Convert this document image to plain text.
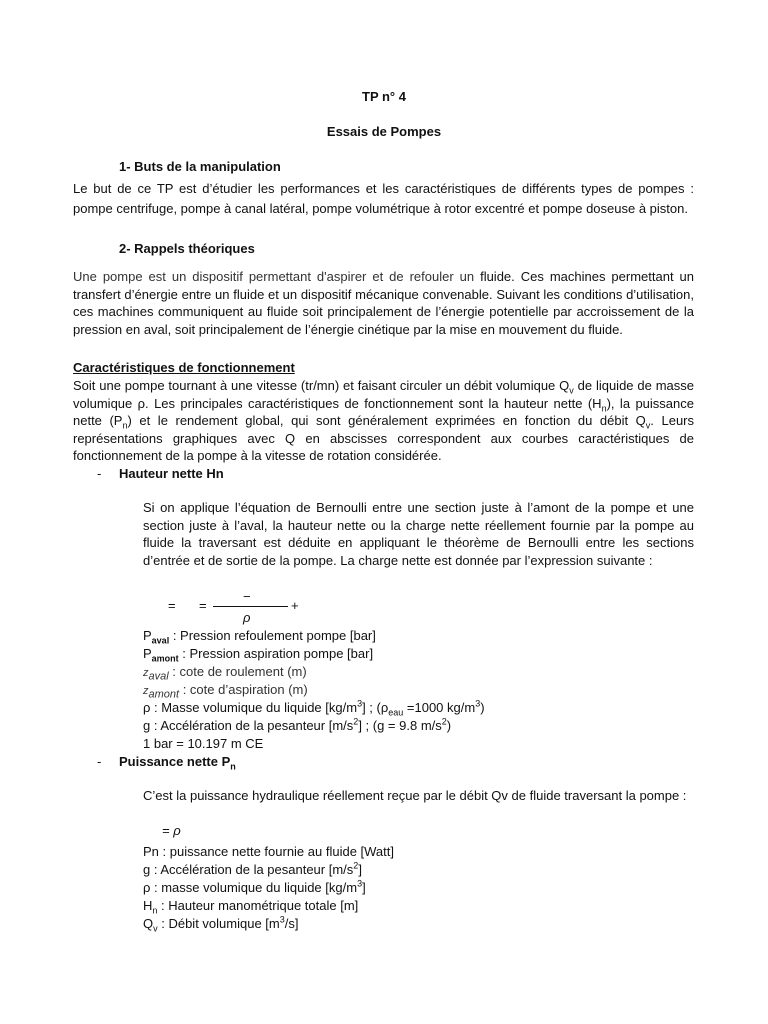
TP n° 4
Essais de Pompes
1- Buts de la manipulation
Le but de ce TP est d’étudier les performances et les caractéristiques de différents types de pompes : pompe centrifuge, pompe à canal latéral, pompe volumétrique à rotor excentré et pompe doseuse à piston.
2- Rappels théoriques
Une pompe est un dispositif permettant d'aspirer et de refouler un fluide. Ces machines permettant un transfert d’énergie entre un fluide et un dispositif mécanique convenable. Suivant les conditions d’utilisation, ces machines communiquent au fluide soit principalement de l’énergie potentielle par accroissement de la pression en aval, soit principalement de l’énergie cinétique par la mise en mouvement du fluide.
Caractéristiques de fonctionnement
Soit une pompe tournant à une vitesse (tr/mn) et faisant circuler un débit volumique $Q_v$ de liquide de masse volumique ρ. Les principales caractéristiques de fonctionnement sont la hauteur nette $(H_n)$, la puissance nette $(P_n)$ et le rendement global, qui sont généralement exprimées en fonction du débit $Q_v$. Leurs représentations graphiques avec Q en abscisses correspondent aux courbes caractéristiques de fonctionnement de la pompe à la vitesse de rotation considérée.
- Hauteur nette Hn
Si on applique l’équation de Bernoulli entre une section juste à l’amont de la pompe et une section juste à l’aval, la hauteur nette ou la charge nette réellement fournie par la pompe au fluide la traversant est déduite en appliquant le théorème de Bernoulli entre les sections d’entrée et de sortie de la pompe. La charge nette est donnée par l’expression suivante :
= =
−
ρ
+
$P_{aval}$ : Pression refoulement pompe [bar]
$P_{amont}$ : Pression aspiration pompe [bar]
$z_{aval}$ : cote de roulement (m)
$z_{amont}$ : cote d’aspiration (m)
ρ : Masse volumique du liquide $[kg/m^3]$ ; ($\rho_{eau} =1000$ $kg/m^3$)
g : Accélération de la pesanteur $[m/s^2]$ ; (g = 9.8 $m/s^2$)
1 bar = 10.197 m CE
- Puissance nette $P_n$
C’est la puissance hydraulique réellement reçue par le débit Qv de fluide traversant la pompe :
= ρ
Pn : puissance nette fournie au fluide [Watt]
g : Accélération de la pesanteur $[m/s^2]$
ρ : masse volumique du liquide $[kg/m^3]$
$H_n$ : Hauteur manométrique totale [m]
$Q_v$ : Débit volumique $[m^3/s]$
